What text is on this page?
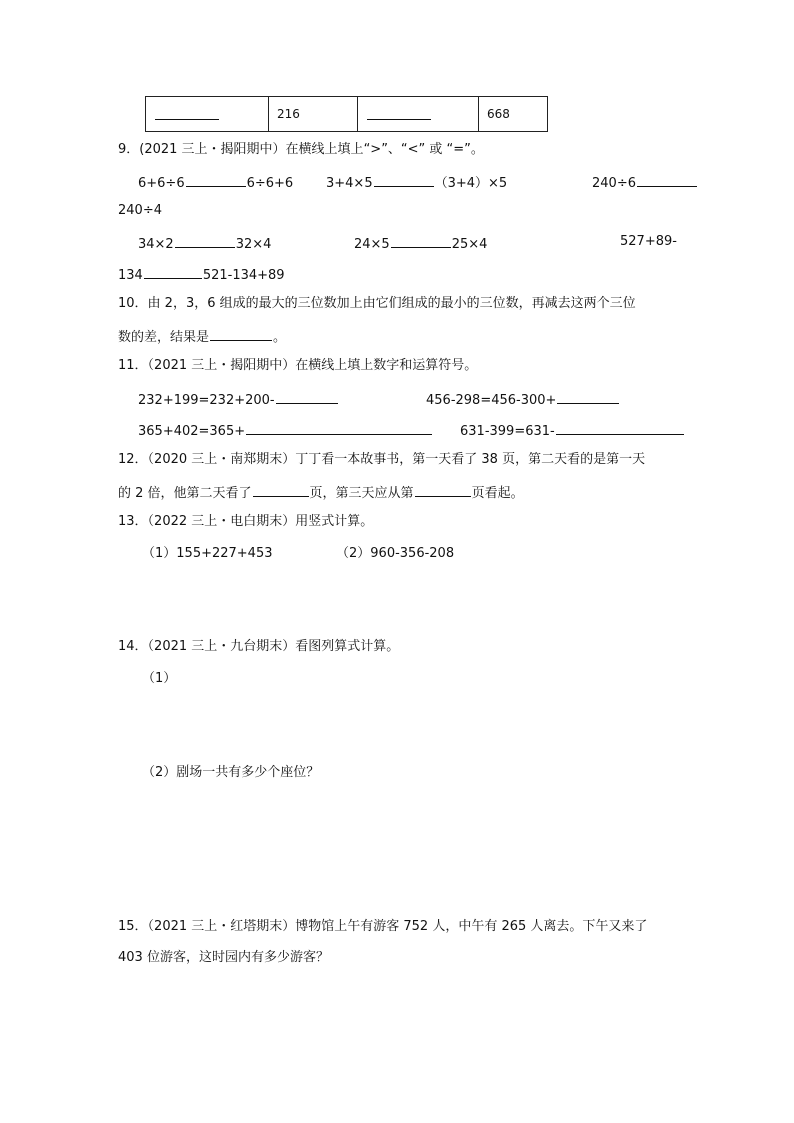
	216		668
9．(2021 三上・揭阳期中）在横线上填上“>”、“<” 或 “=”。
6+6÷6	6÷6+6	3+4×5	（3+4）×5	240÷6
240÷4
34×2	32×4	24×5	25×4	527+89-
134	521-134+89
10．由 2，3，6 组成的最大的三位数加上由它们组成的最小的三位数，再减去这两个三位
数的差，结果是	。
11．（2021 三上・揭阳期中）在横线上填上数字和运算符号。
232+199=232+200-	456-298=456-300+
365+402=365+	631-399=631-
12．（2020 三上・南郑期末）丁丁看一本故事书，第一天看了 38 页，第二天看的是第一天
的 2 倍，他第二天看了	页，第三天应从第	页看起。
13．（2022 三上・电白期末）用竖式计算。
（1）155+227+453	（2）960-356-208
14．（2021 三上・九台期末）看图列算式计算。
（1）
（2）剧场一共有多少个座位？
15．（2021 三上・红塔期末）博物馆上午有游客 752 人，中午有 265 人离去。下午又来了
403 位游客，这时园内有多少游客？
